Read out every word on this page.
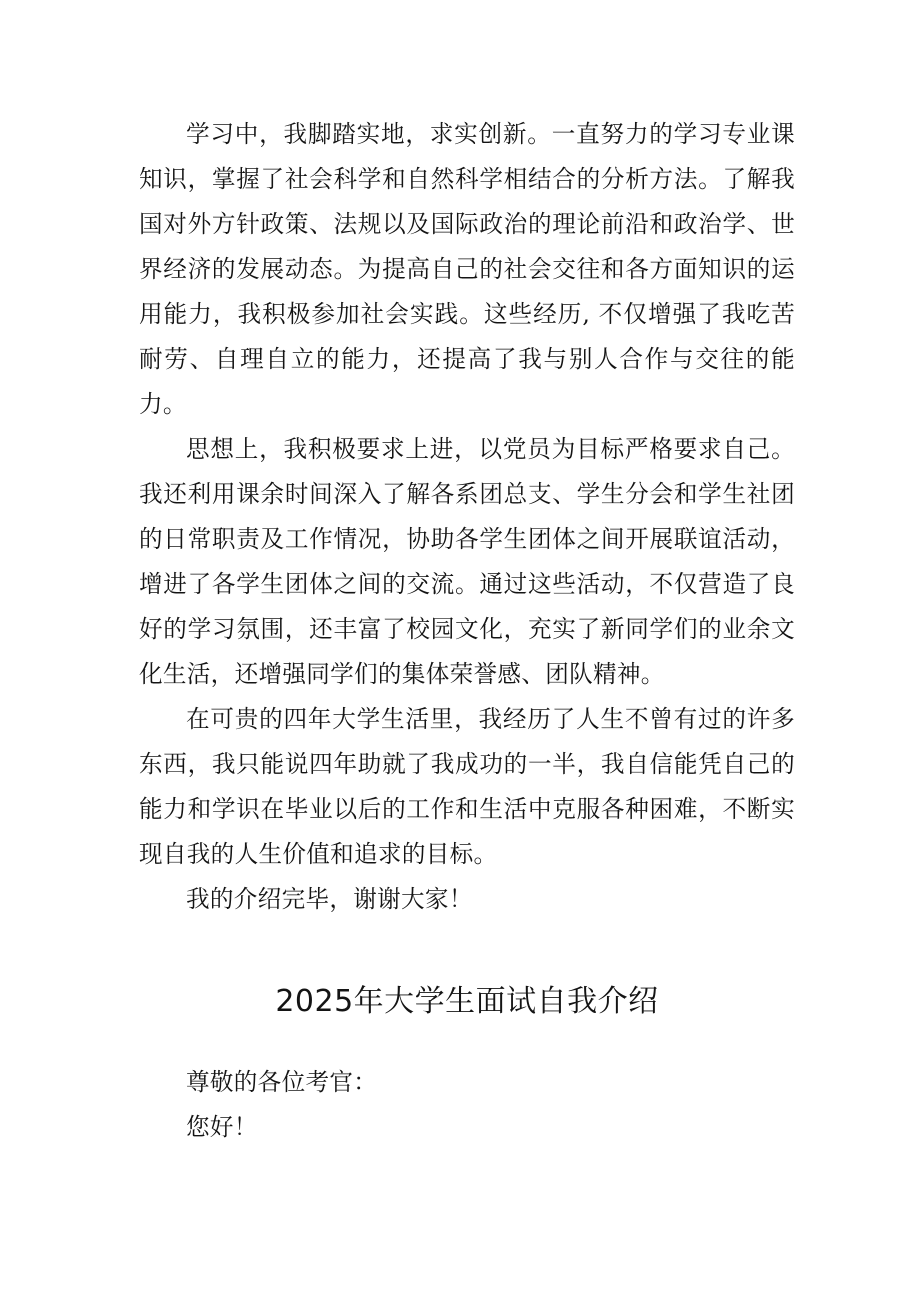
学习中，我脚踏实地，求实创新。一直努力的学习专业课知识，掌握了社会科学和自然科学相结合的分析方法。了解我国对外方针政策、法规以及国际政治的理论前沿和政治学、世界经济的发展动态。为提高自己的社会交往和各方面知识的运用能力，我积极参加社会实践。这些经历, 不仅增强了我吃苦耐劳、自理自立的能力，还提高了我与别人合作与交往的能力。

思想上，我积极要求上进，以党员为目标严格要求自己。我还利用课余时间深入了解各系团总支、学生分会和学生社团的日常职责及工作情况，协助各学生团体之间开展联谊活动，增进了各学生团体之间的交流。通过这些活动，不仅营造了良好的学习氛围，还丰富了校园文化，充实了新同学们的业余文化生活，还增强同学们的集体荣誉感、团队精神。

在可贵的四年大学生活里，我经历了人生不曾有过的许多东西，我只能说四年助就了我成功的一半，我自信能凭自己的能力和学识在毕业以后的工作和生活中克服各种困难，不断实现自我的人生价值和追求的目标。

我的介绍完毕，谢谢大家！

2025年大学生面试自我介绍

尊敬的各位考官：

您好！
